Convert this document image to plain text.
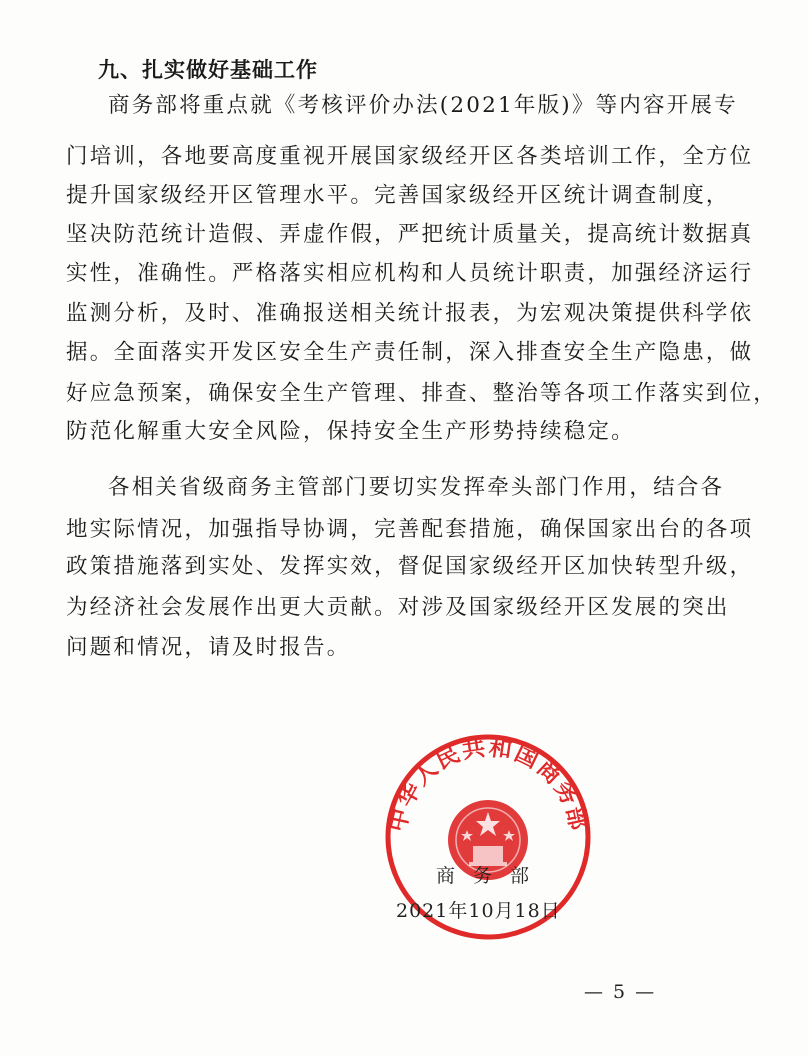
九、扎实做好基础工作

商务部将重点就《考核评价办法(2021年版)》等内容开展专

门培训，各地要高度重视开展国家级经开区各类培训工作，全方位

提升国家级经开区管理水平。完善国家级经开区统计调查制度，

坚决防范统计造假、弄虚作假，严把统计质量关，提高统计数据真

实性，准确性。严格落实相应机构和人员统计职责，加强经济运行

监测分析，及时、准确报送相关统计报表，为宏观决策提供科学依

据。全面落实开发区安全生产责任制，深入排查安全生产隐患，做

好应急预案，确保安全生产管理、排查、整治等各项工作落实到位，

防范化解重大安全风险，保持安全生产形势持续稳定。

各相关省级商务主管部门要切实发挥牵头部门作用，结合各

地实际情况，加强指导协调，完善配套措施，确保国家出台的各项

政策措施落到实处、发挥实效，督促国家级经开区加快转型升级，

为经济社会发展作出更大贡献。对涉及国家级经开区发展的突出

问题和情况，请及时报告。

中华人民共和国商务部

商务部

2021年10月18日

— 5 —
